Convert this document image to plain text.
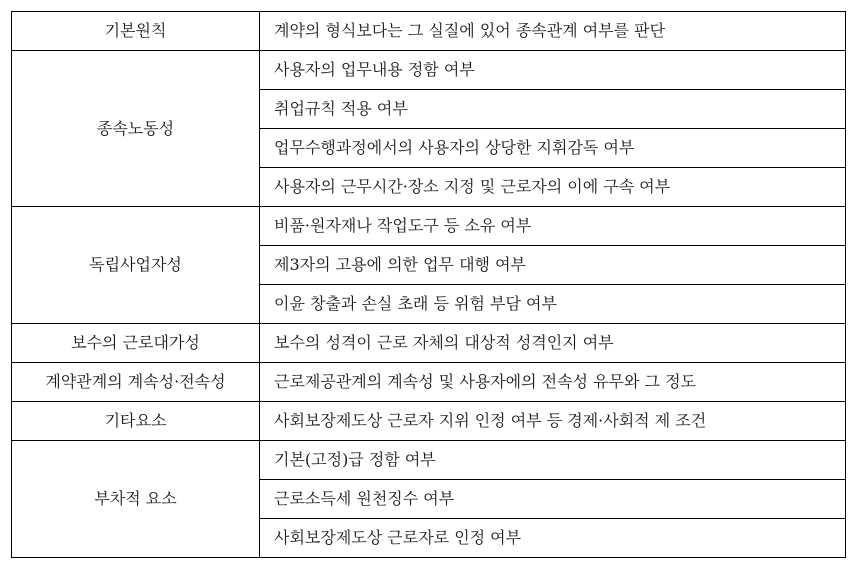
기본원칙	계약의 형식보다는 그 실질에 있어 종속관계 여부를 판단
종속노동성	사용자의 업무내용 정함 여부
	취업규칙 적용 여부
	업무수행과정에서의 사용자의 상당한 지휘감독 여부
	사용자의 근무시간·장소 지정 및 근로자의 이에 구속 여부
독립사업자성	비품·원자재나 작업도구 등 소유 여부
	제3자의 고용에 의한 업무 대행 여부
	이윤 창출과 손실 초래 등 위험 부담 여부
보수의 근로대가성	보수의 성격이 근로 자체의 대상적 성격인지 여부
계약관계의 계속성·전속성	근로제공관계의 계속성 및 사용자에의 전속성 유무와 그 정도
기타요소	사회보장제도상 근로자 지위 인정 여부 등 경제·사회적 제 조건
부차적 요소	기본(고정)급 정함 여부
	근로소득세 원천징수 여부
	사회보장제도상 근로자로 인정 여부
